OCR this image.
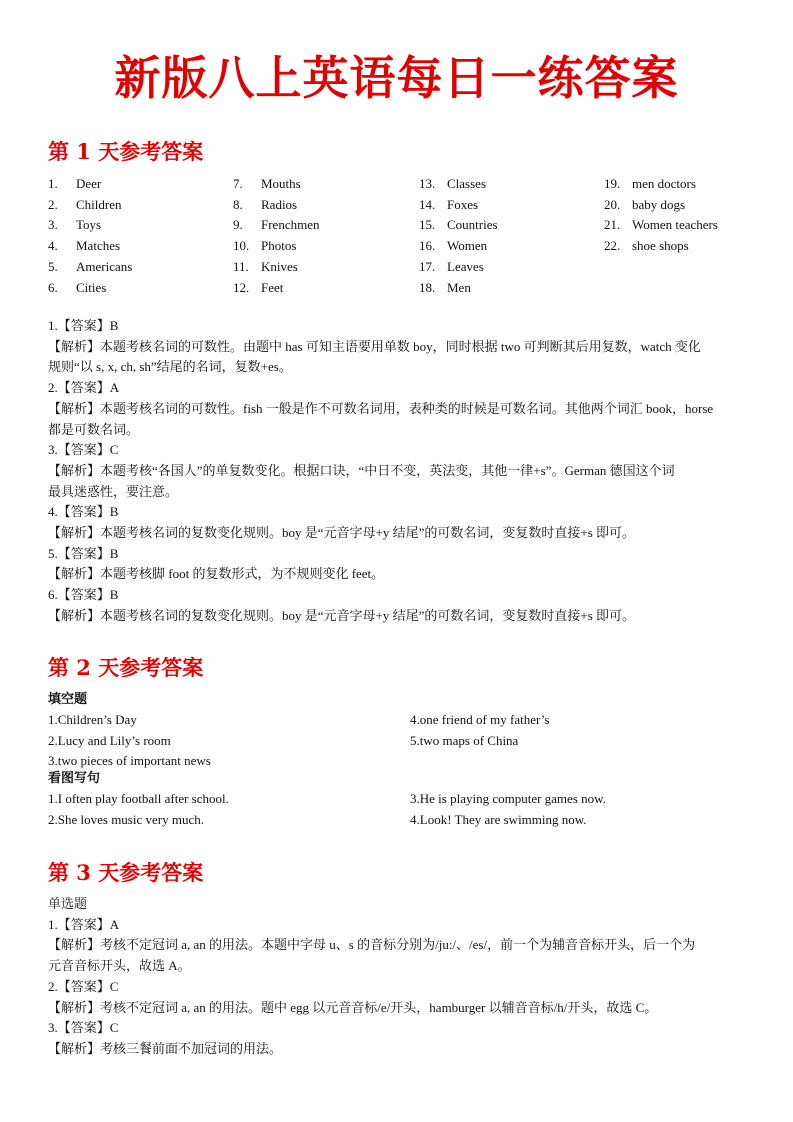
新版八上英语每日一练答案
第 1 天参考答案
1.	Deer
2.	Children
3.	Toys
4.	Matches
5.	Americans
6.	Cities
7.	Mouths
8.	Radios
9.	Frenchmen
10. Photos
11. Knives
12. Feet
13. Classes
14. Foxes
15. Countries
16. Women
17. Leaves
18. Men
19. men doctors
20. baby dogs
21. Women teachers
22. shoe shops
1.【答案】B
【解析】本题考核名词的可数性。由题中 has 可知主语要用单数 boy，同时根据 two 可判断其后用复数，watch 变化
规则“以 s, x, ch, sh”结尾的名词，复数+es。
2.【答案】A
【解析】本题考核名词的可数性。fish 一般是作不可数名词用，表种类的时候是可数名词。其他两个词汇 book，horse
都是可数名词。
3.【答案】C
【解析】本题考核“各国人”的单复数变化。根据口诀，“中日不变，英法变，其他一律+s”。German 德国这个词
最具迷惑性，要注意。
4.【答案】B
【解析】本题考核名词的复数变化规则。boy 是“元音字母+y 结尾”的可数名词，变复数时直接+s 即可。
5.【答案】B
【解析】本题考核脚 foot 的复数形式，为不规则变化 feet。
6.【答案】B
【解析】本题考核名词的复数变化规则。boy 是“元音字母+y 结尾”的可数名词，变复数时直接+s 即可。
第 2 天参考答案
填空题
1.Children’s Day
2.Lucy and Lily’s room
3.two pieces of important news
4.one friend of my father’s
5.two maps of China
看图写句
1.I often play football after school.
2.She loves music very much.
3.He is playing computer games now.
4.Look! They are swimming now.
第 3 天参考答案
单选题
1.【答案】A
【解析】考核不定冠词 a, an 的用法。本题中字母 u、s 的音标分别为/ju:/、/es/，前一个为辅音音标开头，后一个为
元音音标开头，故选 A。
2.【答案】C
【解析】考核不定冠词 a, an 的用法。题中 egg 以元音音标/e/开头，hamburger 以辅音音标/h/开头，故选 C。
3.【答案】C
【解析】考核三餐前面不加冠词的用法。
